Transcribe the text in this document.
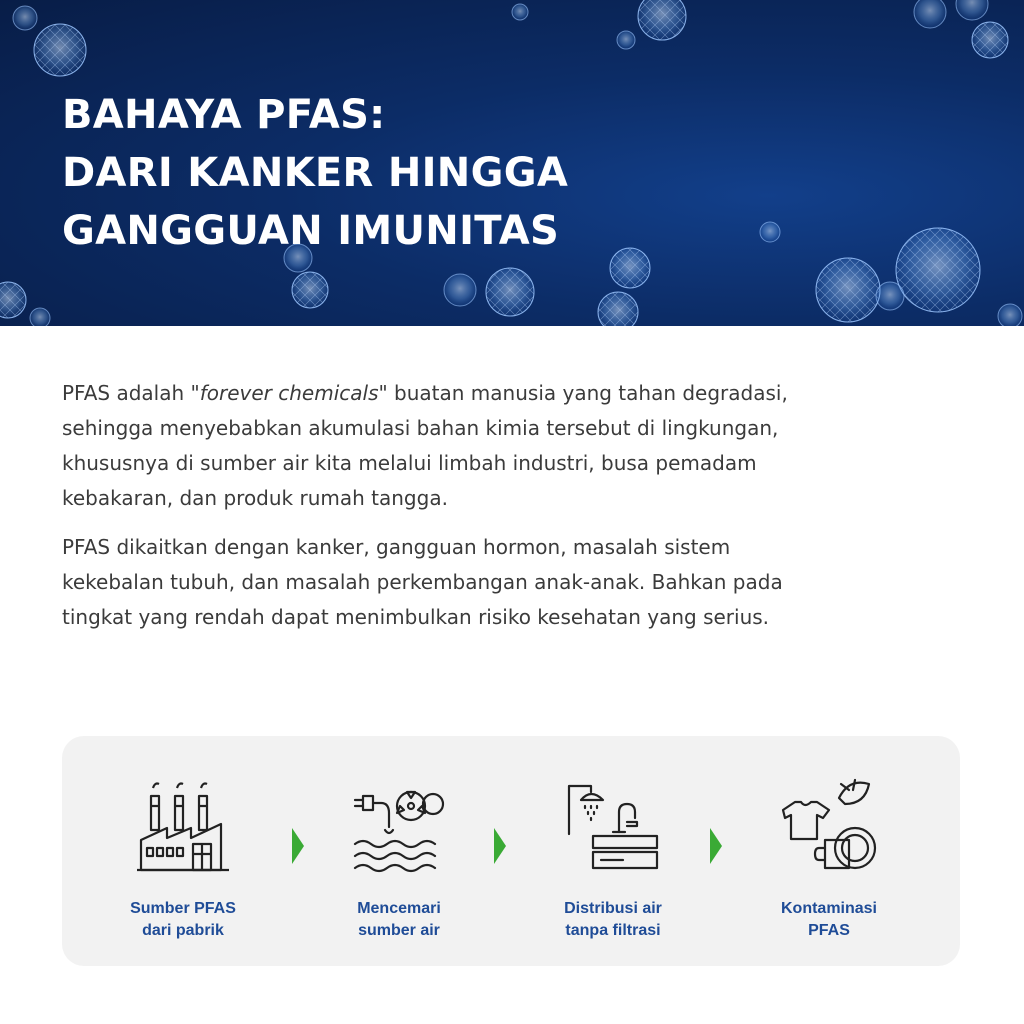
BAHAYA PFAS:
DARI KANKER HINGGA
GANGGUAN IMUNITAS

PFAS adalah "forever chemicals" buatan manusia yang tahan degradasi,

sehingga menyebabkan akumulasi bahan kimia tersebut di lingkungan,

khususnya di sumber air kita melalui limbah industri, busa pemadam

kebakaran, dan produk rumah tangga.

PFAS dikaitkan dengan kanker, gangguan hormon, masalah sistem

kekebalan tubuh, dan masalah perkembangan anak-anak. Bahkan pada

tingkat yang rendah dapat menimbulkan risiko kesehatan yang serius.

Sumber PFAS
dari pabrik
Mencemari
sumber air
Distribusi air
tanpa filtrasi
Kontaminasi
PFAS
